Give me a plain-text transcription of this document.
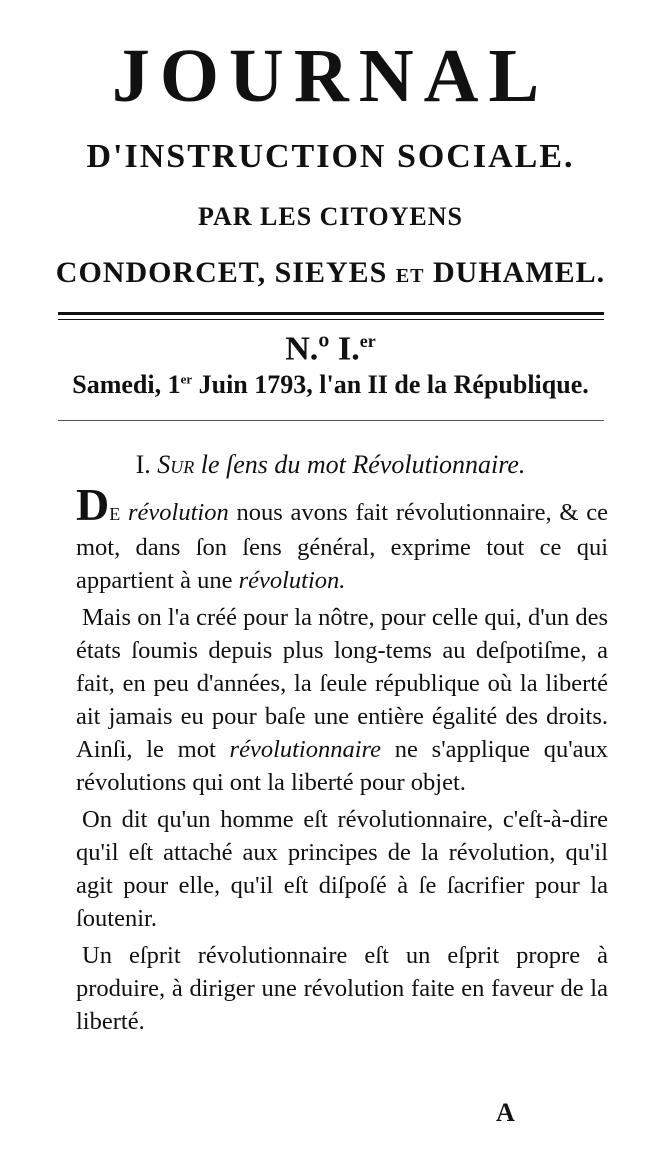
JOURNAL
D'INSTRUCTION SOCIALE.
PAR LES CITOYENS
CONDORCET, SIEYES ET DUHAMEL.
N.º I.$^{er}$
Samedi, 1er Juin 1793, l'an II de la République.
I. Sur le ſens du mot Révolutionnaire.

DE révolution nous avons fait révolutionnaire, & ce mot, dans ſon ſens général, exprime tout ce qui appartient à une révolution.

Mais on l'a créé pour la nôtre, pour celle qui, d'un des états ſoumis depuis plus long-tems au deſpotiſme, a fait, en peu d'années, la ſeule république où la liberté ait jamais eu pour baſe une entière égalité des droits. Ainſi, le mot révolutionnaire ne s'applique qu'aux révolutions qui ont la liberté pour objet.

On dit qu'un homme eſt révolutionnaire, c'eſt-à-dire qu'il eſt attaché aux principes de la révolution, qu'il agit pour elle, qu'il eſt diſpoſé à ſe ſacrifier pour la ſoutenir.

Un eſprit révolutionnaire eſt un eſprit propre à produire, à diriger une révolution faite en faveur de la liberté.

A
